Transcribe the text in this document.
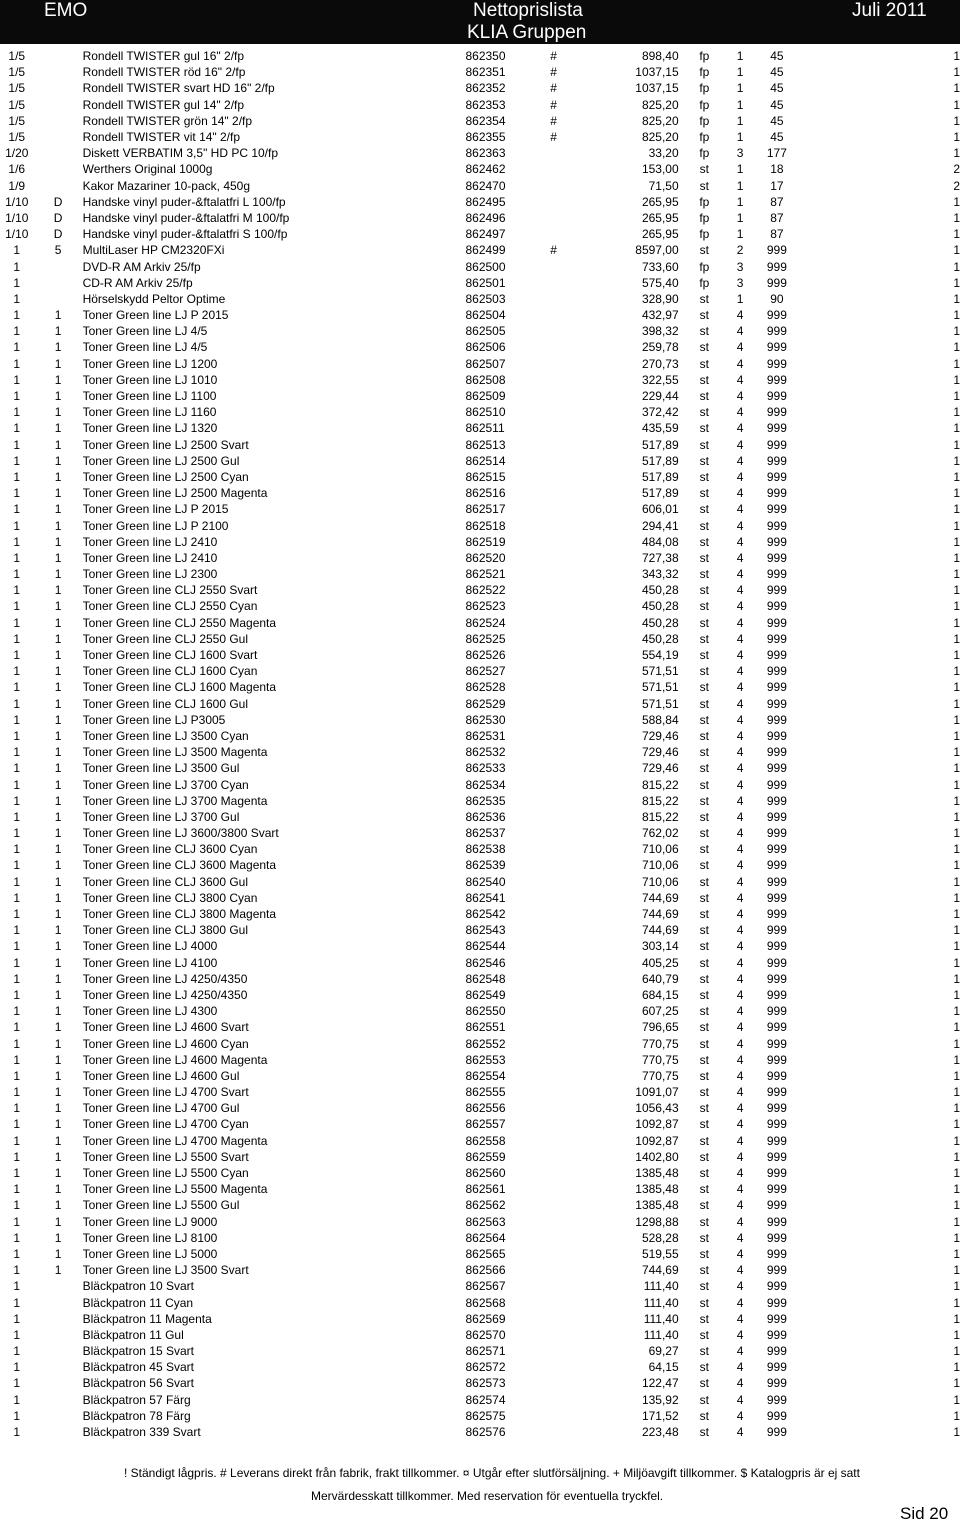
EMO	Nettoprislista
KLIA Gruppen
Juli 2011
1/5		Rondell TWISTER gul 16" 2/fp	862350	#	898,40	fp	1	45	1
1/5		Rondell TWISTER röd 16" 2/fp	862351	#	1037,15	fp	1	45	1
1/5		Rondell TWISTER svart HD 16" 2/fp	862352	#	1037,15	fp	1	45	1
1/5		Rondell TWISTER gul 14" 2/fp	862353	#	825,20	fp	1	45	1
1/5		Rondell TWISTER grön 14" 2/fp	862354	#	825,20	fp	1	45	1
1/5		Rondell TWISTER vit 14" 2/fp	862355	#	825,20	fp	1	45	1
1/20		Diskett VERBATIM 3,5" HD PC 10/fp	862363		33,20	fp	3	177	1
1/6		Werthers Original 1000g	862462		153,00	st	1	18	2
1/9		Kakor Mazariner 10-pack, 450g	862470		71,50	st	1	17	2
1/10	D	Handske vinyl puder-&ftalatfri L 100/fp	862495		265,95	fp	1	87	1
1/10	D	Handske vinyl puder-&ftalatfri M 100/fp	862496		265,95	fp	1	87	1
1/10	D	Handske vinyl puder-&ftalatfri S 100/fp	862497		265,95	fp	1	87	1
1	5	MultiLaser HP CM2320FXi	862499	#	8597,00	st	2	999	1
1		DVD-R AM Arkiv 25/fp	862500		733,60	fp	3	999	1
1		CD-R AM Arkiv 25/fp	862501		575,40	fp	3	999	1
1		Hörselskydd Peltor Optime	862503		328,90	st	1	90	1
1	1	Toner Green line LJ P 2015	862504		432,97	st	4	999	1
1	1	Toner Green line LJ 4/5	862505		398,32	st	4	999	1
1	1	Toner Green line LJ 4/5	862506		259,78	st	4	999	1
1	1	Toner Green line LJ 1200	862507		270,73	st	4	999	1
1	1	Toner Green line LJ 1010	862508		322,55	st	4	999	1
1	1	Toner Green line LJ 1100	862509		229,44	st	4	999	1
1	1	Toner Green line LJ 1160	862510		372,42	st	4	999	1
1	1	Toner Green line LJ 1320	862511		435,59	st	4	999	1
1	1	Toner Green line LJ 2500 Svart	862513		517,89	st	4	999	1
1	1	Toner Green line LJ 2500 Gul	862514		517,89	st	4	999	1
1	1	Toner Green line LJ 2500 Cyan	862515		517,89	st	4	999	1
1	1	Toner Green line LJ 2500 Magenta	862516		517,89	st	4	999	1
1	1	Toner Green line LJ P 2015	862517		606,01	st	4	999	1
1	1	Toner Green line LJ P 2100	862518		294,41	st	4	999	1
1	1	Toner Green line LJ 2410	862519		484,08	st	4	999	1
1	1	Toner Green line LJ 2410	862520		727,38	st	4	999	1
1	1	Toner Green line LJ 2300	862521		343,32	st	4	999	1
1	1	Toner Green line CLJ 2550 Svart	862522		450,28	st	4	999	1
1	1	Toner Green line CLJ 2550 Cyan	862523		450,28	st	4	999	1
1	1	Toner Green line CLJ 2550 Magenta	862524		450,28	st	4	999	1
1	1	Toner Green line CLJ 2550 Gul	862525		450,28	st	4	999	1
1	1	Toner Green line CLJ 1600 Svart	862526		554,19	st	4	999	1
1	1	Toner Green line CLJ 1600 Cyan	862527		571,51	st	4	999	1
1	1	Toner Green line CLJ 1600 Magenta	862528		571,51	st	4	999	1
1	1	Toner Green line CLJ 1600 Gul	862529		571,51	st	4	999	1
1	1	Toner Green line LJ P3005	862530		588,84	st	4	999	1
1	1	Toner Green line LJ 3500 Cyan	862531		729,46	st	4	999	1
1	1	Toner Green line LJ 3500 Magenta	862532		729,46	st	4	999	1
1	1	Toner Green line LJ 3500 Gul	862533		729,46	st	4	999	1
1	1	Toner Green line LJ 3700 Cyan	862534		815,22	st	4	999	1
1	1	Toner Green line LJ 3700 Magenta	862535		815,22	st	4	999	1
1	1	Toner Green line LJ 3700 Gul	862536		815,22	st	4	999	1
1	1	Toner Green line LJ 3600/3800 Svart	862537		762,02	st	4	999	1
1	1	Toner Green line CLJ 3600 Cyan	862538		710,06	st	4	999	1
1	1	Toner Green line CLJ 3600 Magenta	862539		710,06	st	4	999	1
1	1	Toner Green line CLJ 3600 Gul	862540		710,06	st	4	999	1
1	1	Toner Green line CLJ 3800 Cyan	862541		744,69	st	4	999	1
1	1	Toner Green line CLJ 3800 Magenta	862542		744,69	st	4	999	1
1	1	Toner Green line CLJ 3800 Gul	862543		744,69	st	4	999	1
1	1	Toner Green line LJ 4000	862544		303,14	st	4	999	1
1	1	Toner Green line LJ 4100	862546		405,25	st	4	999	1
1	1	Toner Green line LJ 4250/4350	862548		640,79	st	4	999	1
1	1	Toner Green line LJ 4250/4350	862549		684,15	st	4	999	1
1	1	Toner Green line LJ 4300	862550		607,25	st	4	999	1
1	1	Toner Green line LJ 4600 Svart	862551		796,65	st	4	999	1
1	1	Toner Green line LJ 4600 Cyan	862552		770,75	st	4	999	1
1	1	Toner Green line LJ 4600 Magenta	862553		770,75	st	4	999	1
1	1	Toner Green line LJ 4600 Gul	862554		770,75	st	4	999	1
1	1	Toner Green line LJ 4700 Svart	862555		1091,07	st	4	999	1
1	1	Toner Green line LJ 4700 Gul	862556		1056,43	st	4	999	1
1	1	Toner Green line LJ 4700 Cyan	862557		1092,87	st	4	999	1
1	1	Toner Green line LJ 4700 Magenta	862558		1092,87	st	4	999	1
1	1	Toner Green line LJ 5500 Svart	862559		1402,80	st	4	999	1
1	1	Toner Green line LJ 5500 Cyan	862560		1385,48	st	4	999	1
1	1	Toner Green line LJ 5500 Magenta	862561		1385,48	st	4	999	1
1	1	Toner Green line LJ 5500 Gul	862562		1385,48	st	4	999	1
1	1	Toner Green line LJ 9000	862563		1298,88	st	4	999	1
1	1	Toner Green line LJ 8100	862564		528,28	st	4	999	1
1	1	Toner Green line LJ 5000	862565		519,55	st	4	999	1
1	1	Toner Green line LJ 3500 Svart	862566		744,69	st	4	999	1
1		Bläckpatron 10 Svart	862567		111,40	st	4	999	1
1		Bläckpatron 11 Cyan	862568		111,40	st	4	999	1
1		Bläckpatron 11 Magenta	862569		111,40	st	4	999	1
1		Bläckpatron 11 Gul	862570		111,40	st	4	999	1
1		Bläckpatron 15 Svart	862571		69,27	st	4	999	1
1		Bläckpatron 45 Svart	862572		64,15	st	4	999	1
1		Bläckpatron 56 Svart	862573		122,47	st	4	999	1
1		Bläckpatron 57 Färg	862574		135,92	st	4	999	1
1		Bläckpatron 78 Färg	862575		171,52	st	4	999	1
1		Bläckpatron 339 Svart	862576		223,48	st	4	999	1
! Ständigt lågpris. # Leverans direkt från fabrik, frakt tillkommer. ¤ Utgår efter slutförsäljning. + Miljöavgift tillkommer. $ Katalogpris är ej satt
Mervärdesskatt tillkommer. Med reservation för eventuella tryckfel.
Sid 20
